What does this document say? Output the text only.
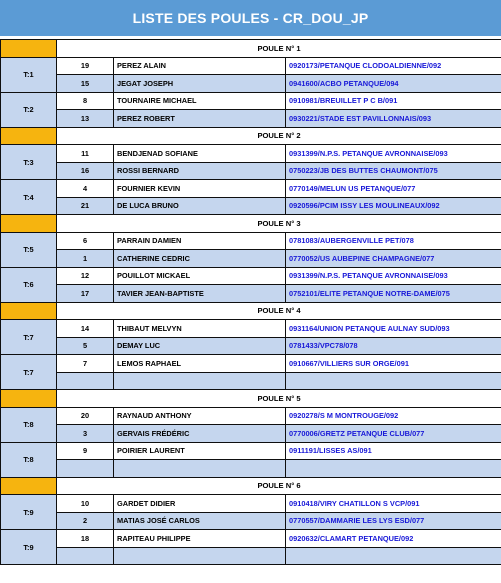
LISTE DES POULES - CR_DOU_JP
	POULE N° 1		
T:1	19	PEREZ ALAIN	0920173/PETANQUE CLODOALDIENNE/092
	15	JEGAT JOSEPH	0941600/ACBO PETANQUE/094
T:2	8	TOURNAIRE MICHAEL	0910981/BREUILLET P C B/091
	13	PEREZ ROBERT	0930221/STADE EST PAVILLONNAIS/093
	POULE N° 2		
T:3	11	BENDJENAD SOFIANE	0931399/N.P.S. PETANQUE AVRONNAISE/093
	16	ROSSI BERNARD	0750223/JB DES BUTTES CHAUMONT/075
T:4	4	FOURNIER KEVIN	0770149/MELUN US PETANQUE/077
	21	DE LUCA BRUNO	0920596/PCIM ISSY LES MOULINEAUX/092
	POULE N° 3		
T:5	6	PARRAIN DAMIEN	0781083/AUBERGENVILLE PET/078
	1	CATHERINE CEDRIC	0770052/US AUBEPINE CHAMPAGNE/077
T:6	12	POUILLOT MICKAEL	0931399/N.P.S. PETANQUE AVRONNAISE/093
	17	TAVIER JEAN-BAPTISTE	0752101/ELITE PETANQUE NOTRE-DAME/075
	POULE N° 4		
T:7	14	THIBAUT MELVYN	0931164/UNION PETANQUE AULNAY SUD/093
	5	DEMAY LUC	0781433/VPC78/078
T:7	7	LEMOS RAPHAEL	0910667/VILLIERS SUR ORGE/091

	POULE N° 5		
T:8	20	RAYNAUD ANTHONY	0920278/S M MONTROUGE/092
	3	GERVAIS FRÉDÉRIC	0770006/GRETZ PETANQUE CLUB/077
T:8	9	POIRIER LAURENT	0911191/LISSES AS/091

	POULE N° 6		
T:9	10	GARDET DIDIER	0910418/VIRY CHATILLON S VCP/091
	2	MATIAS JOSÉ CARLOS	0770557/DAMMARIE LES LYS ESD/077
T:9	18	RAPITEAU PHILIPPE	0920632/CLAMART PETANQUE/092
